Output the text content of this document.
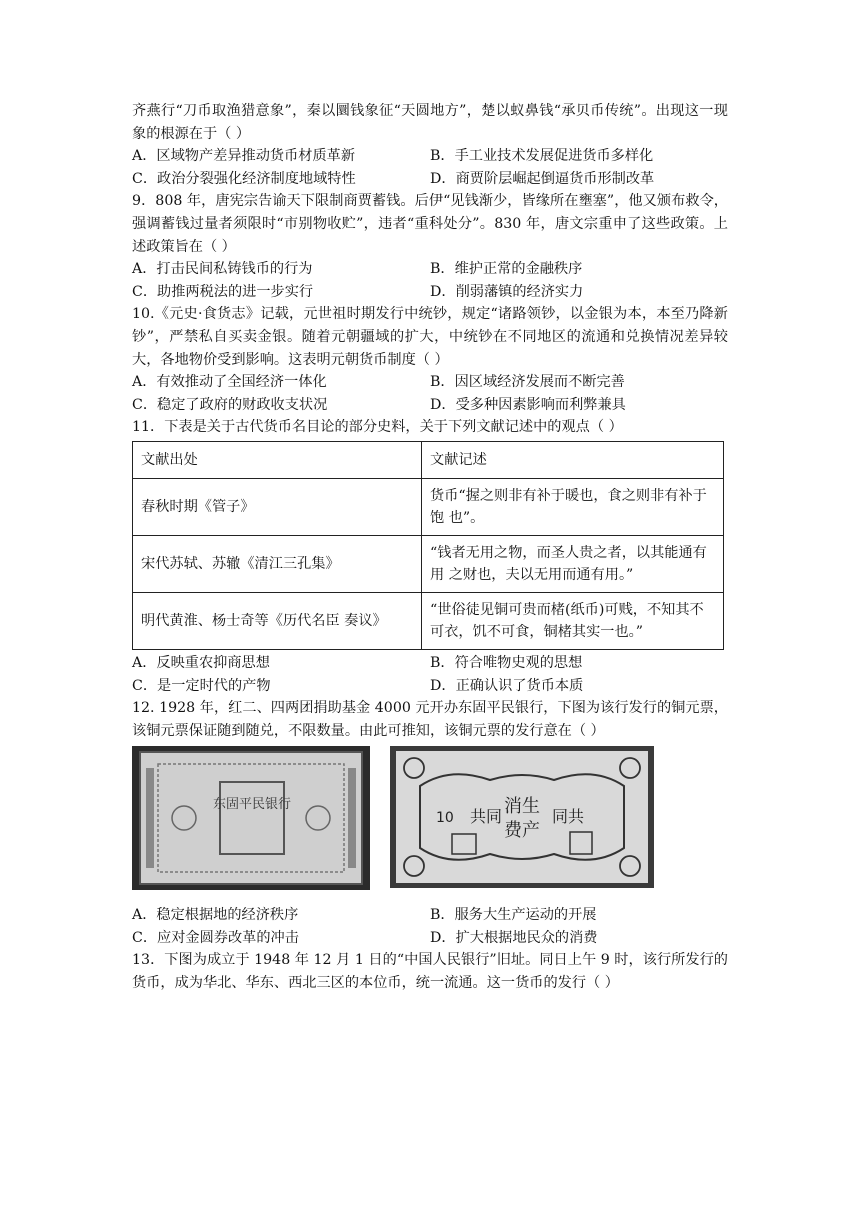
齐燕行“刀币取渔猎意象”，秦以圜钱象征“天圆地方”，楚以蚁鼻钱“承贝币传统”。出现这一现象的根源在于（ ）

A．区域物产差异推动货币材质革新	B．手工业技术发展促进货币多样化
C．政治分裂强化经济制度地域特性	D．商贾阶层崛起倒逼货币形制改革

9．808 年，唐宪宗告谕天下限制商贾蓄钱。后伊“见钱渐少，皆缘所在壅塞”，他又颁布救令，强调蓄钱过量者须限时“市别物收贮”，违者“重科处分”。830 年，唐文宗重申了这些政策。上述政策旨在（ ）

A．打击民间私铸钱币的行为	B．维护正常的金融秩序
C．助推两税法的进一步实行	D．削弱藩镇的经济实力

10.《元史·食货志》记载，元世祖时期发行中统钞，规定“诸路领钞，以金银为本，本至乃降新钞”，严禁私自买卖金银。随着元朝疆域的扩大，中统钞在不同地区的流通和兑换情况差异较大，各地物价受到影响。这表明元朝货币制度（ ）

A．有效推动了全国经济一体化	B．因区域经济发展而不断完善
C．稳定了政府的财政收支状况	D．受多种因素影响而利弊兼具

11．下表是关于古代货币名目论的部分史料，关于下列文献记述中的观点（ ）

文献出处	文献记述
春秋时期《管子》	货币“握之则非有补于暖也，食之则非有补于饱 也”。
宋代苏轼、苏辙《清江三孔集》	“钱者无用之物，而圣人贵之者，以其能通有用 之财也，夫以无用而通有用。”
明代黄淮、杨士奇等《历代名臣 奏议》	“世俗徒见铜可贵而楮(纸币)可贱，不知其不可衣，饥不可食，铜楮其实一也。”
A．反映重农抑商思想	B．符合唯物史观的思想
C．是一定时代的产物	D．正确认识了货币本质

12. 1928 年，红二、四两团捐助基金 4000 元开办东固平民银行，下图为该行发行的铜元票，该铜元票保证随到随兑，不限数量。由此可推知，该铜元票的发行意在（ ）

东固平民银行
10 共同 消生
费产
同共
A．稳定根据地的经济秩序	B．服务大生产运动的开展
C．应对金圆券改革的冲击	D．扩大根据地民众的消费

13．下图为成立于 1948 年 12 月 1 日的“中国人民银行”旧址。同日上午 9 时，该行所发行的货币，成为华北、华东、西北三区的本位币，统一流通。这一货币的发行（ ）
